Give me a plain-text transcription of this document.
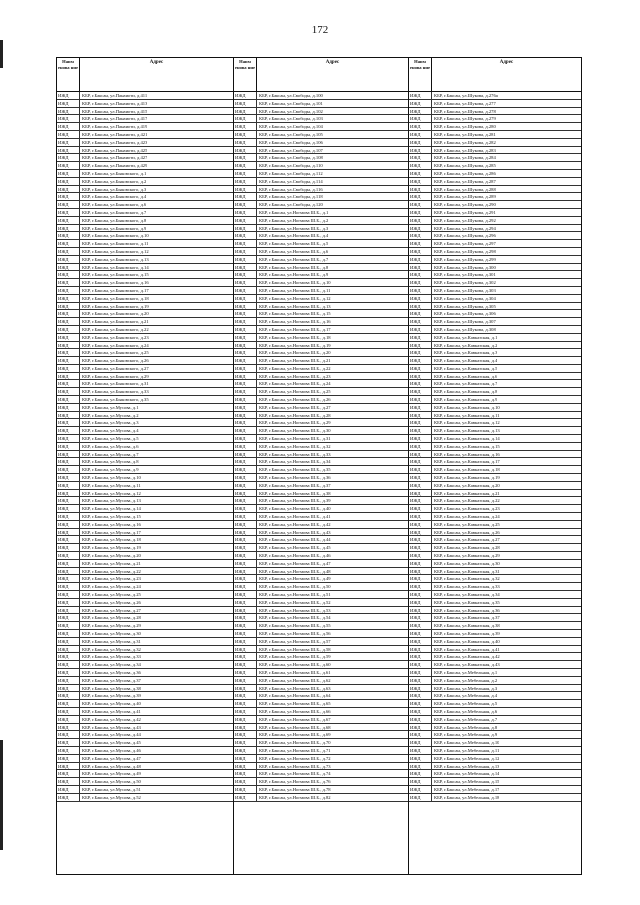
172
Наим енова ние
Адрес
ИЖД	КБР, г.Баксан, ул.Панаиоти, д.411
ИЖД	КБР, г.Баксан, ул.Панаиоти, д.413
ИЖД	КБР, г.Баксан, ул.Панаиоти, д.415
ИЖД	КБР, г.Баксан, ул.Панаиоти, д.417
ИЖД	КБР, г.Баксан, ул.Панаиоти, д.419
ИЖД	КБР, г.Баксан, ул.Панаиоти, д.421
ИЖД	КБР, г.Баксан, ул.Панаиоти, д.423
ИЖД	КБР, г.Баксан, ул.Панаиоти, д.425
ИЖД	КБР, г.Баксан, ул.Панаиоти, д.427
ИЖД	КБР, г.Баксан, ул.Панаиоти, д.429
ИЖД	КБР, г.Баксан, ул.Быковского, д.1
ИЖД	КБР, г.Баксан, ул.Быковского, д.2
ИЖД	КБР, г.Баксан, ул.Быковского, д.3
ИЖД	КБР, г.Баксан, ул.Быковского, д.4
ИЖД	КБР, г.Баксан, ул.Быковского, д.6
ИЖД	КБР, г.Баксан, ул.Быковского, д.7
ИЖД	КБР, г.Баксан, ул.Быковского, д.8
ИЖД	КБР, г.Баксан, ул.Быковского, д.9
ИЖД	КБР, г.Баксан, ул.Быковского, д.10
ИЖД	КБР, г.Баксан, ул.Быковского, д.11
ИЖД	КБР, г.Баксан, ул.Быковского, д.12
ИЖД	КБР, г.Баксан, ул.Быковского, д.13
ИЖД	КБР, г.Баксан, ул.Быковского, д.14
ИЖД	КБР, г.Баксан, ул.Быковского, д.15
ИЖД	КБР, г.Баксан, ул.Быковского, д.16
ИЖД	КБР, г.Баксан, ул.Быковского, д.17
ИЖД	КБР, г.Баксан, ул.Быковского, д.18
ИЖД	КБР, г.Баксан, ул.Быковского, д.19
ИЖД	КБР, г.Баксан, ул.Быковского, д.20
ИЖД	КБР, г.Баксан, ул.Быковского, д.21
ИЖД	КБР, г.Баксан, ул.Быковского, д.22
ИЖД	КБР, г.Баксан, ул.Быковского, д.23
ИЖД	КБР, г.Баксан, ул.Быковского, д.24
ИЖД	КБР, г.Баксан, ул.Быковского, д.25
ИЖД	КБР, г.Баксан, ул.Быковского, д.26
ИЖД	КБР, г.Баксан, ул.Быковского, д.27
ИЖД	КБР, г.Баксан, ул.Быковского, д.29
ИЖД	КБР, г.Баксан, ул.Быковского, д.31
ИЖД	КБР, г.Баксан, ул.Быковского, д.33
ИЖД	КБР, г.Баксан, ул.Быковского, д.35
ИЖД	КБР, г.Баксан, ул.Мусова, д.1
ИЖД	КБР, г.Баксан, ул.Мусова, д.2
ИЖД	КБР, г.Баксан, ул.Мусова, д.3
ИЖД	КБР, г.Баксан, ул.Мусова, д.4
ИЖД	КБР, г.Баксан, ул.Мусова, д.5
ИЖД	КБР, г.Баксан, ул.Мусова, д.6
ИЖД	КБР, г.Баксан, ул.Мусова, д.7
ИЖД	КБР, г.Баксан, ул.Мусова, д.8
ИЖД	КБР, г.Баксан, ул.Мусова, д.9
ИЖД	КБР, г.Баксан, ул.Мусова, д.10
ИЖД	КБР, г.Баксан, ул.Мусова, д.11
ИЖД	КБР, г.Баксан, ул.Мусова, д.12
ИЖД	КБР, г.Баксан, ул.Мусова, д.13
ИЖД	КБР, г.Баксан, ул.Мусова, д.14
ИЖД	КБР, г.Баксан, ул.Мусова, д.15
ИЖД	КБР, г.Баксан, ул.Мусова, д.16
ИЖД	КБР, г.Баксан, ул.Мусова, д.17
ИЖД	КБР, г.Баксан, ул.Мусова, д.18
ИЖД	КБР, г.Баксан, ул.Мусова, д.19
ИЖД	КБР, г.Баксан, ул.Мусова, д.20
ИЖД	КБР, г.Баксан, ул.Мусова, д.21
ИЖД	КБР, г.Баксан, ул.Мусова, д.22
ИЖД	КБР, г.Баксан, ул.Мусова, д.23
ИЖД	КБР, г.Баксан, ул.Мусова, д.24
ИЖД	КБР, г.Баксан, ул.Мусова, д.25
ИЖД	КБР, г.Баксан, ул.Мусова, д.26
ИЖД	КБР, г.Баксан, ул.Мусова, д.27
ИЖД	КБР, г.Баксан, ул.Мусова, д.28
ИЖД	КБР, г.Баксан, ул.Мусова, д.29
ИЖД	КБР, г.Баксан, ул.Мусова, д.30
ИЖД	КБР, г.Баксан, ул.Мусова, д.31
ИЖД	КБР, г.Баксан, ул.Мусова, д.32
ИЖД	КБР, г.Баксан, ул.Мусова, д.33
ИЖД	КБР, г.Баксан, ул.Мусова, д.34
ИЖД	КБР, г.Баксан, ул.Мусова, д.36
ИЖД	КБР, г.Баксан, ул.Мусова, д.37
ИЖД	КБР, г.Баксан, ул.Мусова, д.38
ИЖД	КБР, г.Баксан, ул.Мусова, д.39
ИЖД	КБР, г.Баксан, ул.Мусова, д.40
ИЖД	КБР, г.Баксан, ул.Мусова, д.41
ИЖД	КБР, г.Баксан, ул.Мусова, д.42
ИЖД	КБР, г.Баксан, ул.Мусова, д.43
ИЖД	КБР, г.Баксан, ул.Мусова, д.44
ИЖД	КБР, г.Баксан, ул.Мусова, д.45
ИЖД	КБР, г.Баксан, ул.Мусова, д.46
ИЖД	КБР, г.Баксан, ул.Мусова, д.47
ИЖД	КБР, г.Баксан, ул.Мусова, д.48
ИЖД	КБР, г.Баксан, ул.Мусова, д.49
ИЖД	КБР, г.Баксан, ул.Мусова, д.50
ИЖД	КБР, г.Баксан, ул.Мусова, д.51
ИЖД	КБР, г.Баксан, ул.Мусова, д.52
Наим енова ние
Адрес
ИЖД	КБР, г.Баксан, ул.Свободы, д.100
ИЖД	КБР, г.Баксан, ул.Свободы, д.101
ИЖД	КБР, г.Баксан, ул.Свободы, д.102
ИЖД	КБР, г.Баксан, ул.Свободы, д.103
ИЖД	КБР, г.Баксан, ул.Свободы, д.104
ИЖД	КБР, г.Баксан, ул.Свободы, д.105
ИЖД	КБР, г.Баксан, ул.Свободы, д.106
ИЖД	КБР, г.Баксан, ул.Свободы, д.107
ИЖД	КБР, г.Баксан, ул.Свободы, д.108
ИЖД	КБР, г.Баксан, ул.Свободы, д.110
ИЖД	КБР, г.Баксан, ул.Свободы, д.112
ИЖД	КБР, г.Баксан, ул.Свободы, д.114
ИЖД	КБР, г.Баксан, ул.Свободы, д.116
ИЖД	КБР, г.Баксан, ул.Свободы, д.118
ИЖД	КБР, г.Баксан, ул.Свободы, д.120
ИЖД	КБР, г.Баксан, ул.Ногмова Ш.Б., д.1
ИЖД	КБР, г.Баксан, ул.Ногмова Ш.Б., д.2
ИЖД	КБР, г.Баксан, ул.Ногмова Ш.Б., д.3
ИЖД	КБР, г.Баксан, ул.Ногмова Ш.Б., д.4
ИЖД	КБР, г.Баксан, ул.Ногмова Ш.Б., д.5
ИЖД	КБР, г.Баксан, ул.Ногмова Ш.Б., д.6
ИЖД	КБР, г.Баксан, ул.Ногмова Ш.Б., д.7
ИЖД	КБР, г.Баксан, ул.Ногмова Ш.Б., д.8
ИЖД	КБР, г.Баксан, ул.Ногмова Ш.Б., д.9
ИЖД	КБР, г.Баксан, ул.Ногмова Ш.Б., д.10
ИЖД	КБР, г.Баксан, ул.Ногмова Ш.Б., д.11
ИЖД	КБР, г.Баксан, ул.Ногмова Ш.Б., д.12
ИЖД	КБР, г.Баксан, ул.Ногмова Ш.Б., д.13
ИЖД	КБР, г.Баксан, ул.Ногмова Ш.Б., д.15
ИЖД	КБР, г.Баксан, ул.Ногмова Ш.Б., д.16
ИЖД	КБР, г.Баксан, ул.Ногмова Ш.Б., д.17
ИЖД	КБР, г.Баксан, ул.Ногмова Ш.Б., д.18
ИЖД	КБР, г.Баксан, ул.Ногмова Ш.Б., д.19
ИЖД	КБР, г.Баксан, ул.Ногмова Ш.Б., д.20
ИЖД	КБР, г.Баксан, ул.Ногмова Ш.Б., д.21
ИЖД	КБР, г.Баксан, ул.Ногмова Ш.Б., д.22
ИЖД	КБР, г.Баксан, ул.Ногмова Ш.Б., д.23
ИЖД	КБР, г.Баксан, ул.Ногмова Ш.Б., д.24
ИЖД	КБР, г.Баксан, ул.Ногмова Ш.Б., д.25
ИЖД	КБР, г.Баксан, ул.Ногмова Ш.Б., д.26
ИЖД	КБР, г.Баксан, ул.Ногмова Ш.Б., д.27
ИЖД	КБР, г.Баксан, ул.Ногмова Ш.Б., д.28
ИЖД	КБР, г.Баксан, ул.Ногмова Ш.Б., д.29
ИЖД	КБР, г.Баксан, ул.Ногмова Ш.Б., д.30
ИЖД	КБР, г.Баксан, ул.Ногмова Ш.Б., д.31
ИЖД	КБР, г.Баксан, ул.Ногмова Ш.Б., д.32
ИЖД	КБР, г.Баксан, ул.Ногмова Ш.Б., д.33
ИЖД	КБР, г.Баксан, ул.Ногмова Ш.Б., д.34
ИЖД	КБР, г.Баксан, ул.Ногмова Ш.Б., д.35
ИЖД	КБР, г.Баксан, ул.Ногмова Ш.Б., д.36
ИЖД	КБР, г.Баксан, ул.Ногмова Ш.Б., д.37
ИЖД	КБР, г.Баксан, ул.Ногмова Ш.Б., д.38
ИЖД	КБР, г.Баксан, ул.Ногмова Ш.Б., д.39
ИЖД	КБР, г.Баксан, ул.Ногмова Ш.Б., д.40
ИЖД	КБР, г.Баксан, ул.Ногмова Ш.Б., д.41
ИЖД	КБР, г.Баксан, ул.Ногмова Ш.Б., д.42
ИЖД	КБР, г.Баксан, ул.Ногмова Ш.Б., д.43
ИЖД	КБР, г.Баксан, ул.Ногмова Ш.Б., д.44
ИЖД	КБР, г.Баксан, ул.Ногмова Ш.Б., д.45
ИЖД	КБР, г.Баксан, ул.Ногмова Ш.Б., д.46
ИЖД	КБР, г.Баксан, ул.Ногмова Ш.Б., д.47
ИЖД	КБР, г.Баксан, ул.Ногмова Ш.Б., д.48
ИЖД	КБР, г.Баксан, ул.Ногмова Ш.Б., д.49
ИЖД	КБР, г.Баксан, ул.Ногмова Ш.Б., д.50
ИЖД	КБР, г.Баксан, ул.Ногмова Ш.Б., д.51
ИЖД	КБР, г.Баксан, ул.Ногмова Ш.Б., д.52
ИЖД	КБР, г.Баксан, ул.Ногмова Ш.Б., д.53
ИЖД	КБР, г.Баксан, ул.Ногмова Ш.Б., д.54
ИЖД	КБР, г.Баксан, ул.Ногмова Ш.Б., д.55
ИЖД	КБР, г.Баксан, ул.Ногмова Ш.Б., д.56
ИЖД	КБР, г.Баксан, ул.Ногмова Ш.Б., д.57
ИЖД	КБР, г.Баксан, ул.Ногмова Ш.Б., д.58
ИЖД	КБР, г.Баксан, ул.Ногмова Ш.Б., д.59
ИЖД	КБР, г.Баксан, ул.Ногмова Ш.Б., д.60
ИЖД	КБР, г.Баксан, ул.Ногмова Ш.Б., д.61
ИЖД	КБР, г.Баксан, ул.Ногмова Ш.Б., д.62
ИЖД	КБР, г.Баксан, ул.Ногмова Ш.Б., д.63
ИЖД	КБР, г.Баксан, ул.Ногмова Ш.Б., д.64
ИЖД	КБР, г.Баксан, ул.Ногмова Ш.Б., д.65
ИЖД	КБР, г.Баксан, ул.Ногмова Ш.Б., д.66
ИЖД	КБР, г.Баксан, ул.Ногмова Ш.Б., д.67
ИЖД	КБР, г.Баксан, ул.Ногмова Ш.Б., д.68
ИЖД	КБР, г.Баксан, ул.Ногмова Ш.Б., д.69
ИЖД	КБР, г.Баксан, ул.Ногмова Ш.Б., д.70
ИЖД	КБР, г.Баксан, ул.Ногмова Ш.Б., д.71
ИЖД	КБР, г.Баксан, ул.Ногмова Ш.Б., д.72
ИЖД	КБР, г.Баксан, ул.Ногмова Ш.Б., д.73
ИЖД	КБР, г.Баксан, ул.Ногмова Ш.Б., д.74
ИЖД	КБР, г.Баксан, ул.Ногмова Ш.Б., д.76
ИЖД	КБР, г.Баксан, ул.Ногмова Ш.Б., д.78
ИЖД	КБР, г.Баксан, ул.Ногмова Ш.Б., д.82
Наим енова ние
Адрес
ИЖД	КБР, г.Баксан, ул.Шукова, д.276а
ИЖД	КБР, г.Баксан, ул.Шукова, д.277
ИЖД	КБР, г.Баксан, ул.Шукова, д.278
ИЖД	КБР, г.Баксан, ул.Шукова, д.279
ИЖД	КБР, г.Баксан, ул.Шукова, д.280
ИЖД	КБР, г.Баксан, ул.Шукова, д.281
ИЖД	КБР, г.Баксан, ул.Шукова, д.282
ИЖД	КБР, г.Баксан, ул.Шукова, д.283
ИЖД	КБР, г.Баксан, ул.Шукова, д.284
ИЖД	КБР, г.Баксан, ул.Шукова, д.285
ИЖД	КБР, г.Баксан, ул.Шукова, д.286
ИЖД	КБР, г.Баксан, ул.Шукова, д.287
ИЖД	КБР, г.Баксан, ул.Шукова, д.288
ИЖД	КБР, г.Баксан, ул.Шукова, д.289
ИЖД	КБР, г.Баксан, ул.Шукова, д.290
ИЖД	КБР, г.Баксан, ул.Шукова, д.291
ИЖД	КБР, г.Баксан, ул.Шукова, д.292
ИЖД	КБР, г.Баксан, ул.Шукова, д.294
ИЖД	КБР, г.Баксан, ул.Шукова, д.296
ИЖД	КБР, г.Баксан, ул.Шукова, д.297
ИЖД	КБР, г.Баксан, ул.Шукова, д.298
ИЖД	КБР, г.Баксан, ул.Шукова, д.299
ИЖД	КБР, г.Баксан, ул.Шукова, д.300
ИЖД	КБР, г.Баксан, ул.Шукова, д.301
ИЖД	КБР, г.Баксан, ул.Шукова, д.302
ИЖД	КБР, г.Баксан, ул.Шукова, д.303
ИЖД	КБР, г.Баксан, ул.Шукова, д.304
ИЖД	КБР, г.Баксан, ул.Шукова, д.305
ИЖД	КБР, г.Баксан, ул.Шукова, д.306
ИЖД	КБР, г.Баксан, ул.Шукова, д.307
ИЖД	КБР, г.Баксан, ул.Шукова, д.308
ИЖД	КБР, г.Баксан, ул.Кавказская, д.1
ИЖД	КБР, г.Баксан, ул.Кавказская, д.2
ИЖД	КБР, г.Баксан, ул.Кавказская, д.3
ИЖД	КБР, г.Баксан, ул.Кавказская, д.4
ИЖД	КБР, г.Баксан, ул.Кавказская, д.5
ИЖД	КБР, г.Баксан, ул.Кавказская, д.6
ИЖД	КБР, г.Баксан, ул.Кавказская, д.7
ИЖД	КБР, г.Баксан, ул.Кавказская, д.8
ИЖД	КБР, г.Баксан, ул.Кавказская, д.9
ИЖД	КБР, г.Баксан, ул.Кавказская, д.10
ИЖД	КБР, г.Баксан, ул.Кавказская, д.11
ИЖД	КБР, г.Баксан, ул.Кавказская, д.12
ИЖД	КБР, г.Баксан, ул.Кавказская, д.13
ИЖД	КБР, г.Баксан, ул.Кавказская, д.14
ИЖД	КБР, г.Баксан, ул.Кавказская, д.15
ИЖД	КБР, г.Баксан, ул.Кавказская, д.16
ИЖД	КБР, г.Баксан, ул.Кавказская, д.17
ИЖД	КБР, г.Баксан, ул.Кавказская, д.18
ИЖД	КБР, г.Баксан, ул.Кавказская, д.19
ИЖД	КБР, г.Баксан, ул.Кавказская, д.20
ИЖД	КБР, г.Баксан, ул.Кавказская, д.21
ИЖД	КБР, г.Баксан, ул.Кавказская, д.22
ИЖД	КБР, г.Баксан, ул.Кавказская, д.23
ИЖД	КБР, г.Баксан, ул.Кавказская, д.24
ИЖД	КБР, г.Баксан, ул.Кавказская, д.25
ИЖД	КБР, г.Баксан, ул.Кавказская, д.26
ИЖД	КБР, г.Баксан, ул.Кавказская, д.27
ИЖД	КБР, г.Баксан, ул.Кавказская, д.28
ИЖД	КБР, г.Баксан, ул.Кавказская, д.29
ИЖД	КБР, г.Баксан, ул.Кавказская, д.30
ИЖД	КБР, г.Баксан, ул.Кавказская, д.31
ИЖД	КБР, г.Баксан, ул.Кавказская, д.32
ИЖД	КБР, г.Баксан, ул.Кавказская, д.33
ИЖД	КБР, г.Баксан, ул.Кавказская, д.34
ИЖД	КБР, г.Баксан, ул.Кавказская, д.35
ИЖД	КБР, г.Баксан, ул.Кавказская, д.36
ИЖД	КБР, г.Баксан, ул.Кавказская, д.37
ИЖД	КБР, г.Баксан, ул.Кавказская, д.38
ИЖД	КБР, г.Баксан, ул.Кавказская, д.39
ИЖД	КБР, г.Баксан, ул.Кавказская, д.40
ИЖД	КБР, г.Баксан, ул.Кавказская, д.41
ИЖД	КБР, г.Баксан, ул.Кавказская, д.42
ИЖД	КБР, г.Баксан, ул.Кавказская, д.43
ИЖД	КБР, г.Баксан, ул.Мебельная, д.1
ИЖД	КБР, г.Баксан, ул.Мебельная, д.2
ИЖД	КБР, г.Баксан, ул.Мебельная, д.3
ИЖД	КБР, г.Баксан, ул.Мебельная, д.4
ИЖД	КБР, г.Баксан, ул.Мебельная, д.5
ИЖД	КБР, г.Баксан, ул.Мебельная, д.6
ИЖД	КБР, г.Баксан, ул.Мебельная, д.7
ИЖД	КБР, г.Баксан, ул.Мебельная, д.8
ИЖД	КБР, г.Баксан, ул.Мебельная, д.9
ИЖД	КБР, г.Баксан, ул.Мебельная, д.10
ИЖД	КБР, г.Баксан, ул.Мебельная, д.11
ИЖД	КБР, г.Баксан, ул.Мебельная, д.12
ИЖД	КБР, г.Баксан, ул.Мебельная, д.13
ИЖД	КБР, г.Баксан, ул.Мебельная, д.14
ИЖД	КБР, г.Баксан, ул.Мебельная, д.15
ИЖД	КБР, г.Баксан, ул.Мебельная, д.17
ИЖД	КБР, г.Баксан, ул.Мебельная, д.18
